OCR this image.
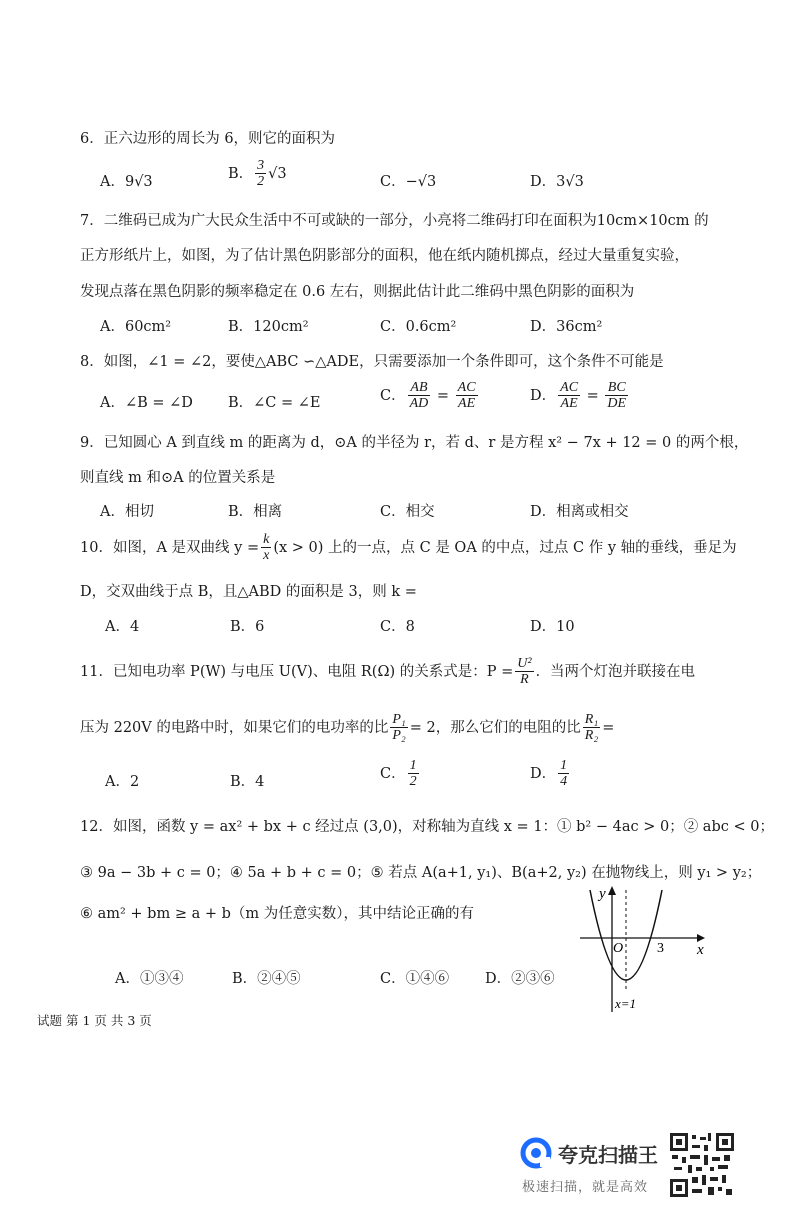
6．正六边形的周长为 6，则它的面积为
A．9√3
B． $\frac{3}{2} √3$
C．−√3	D．3√3
7．二维码已成为广大民众生活中不可或缺的一部分，小亮将二维码打印在面积为10cm×10cm 的
正方形纸片上，如图，为了估计黑色阴影部分的面积，他在纸内随机掷点，经过大量重复实验，
发现点落在黑色阴影的频率稳定在 0.6 左右，则据此估计此二维码中黑色阴影的面积为
A．60cm²	B．120cm²	C．0.6cm²	D．36cm²
8．如图，∠1 = ∠2，要使△ABC ∽△ADE，只需要添加一个条件即可，这个条件不可能是
A．∠B = ∠D B．∠C = ∠E	C． $\frac{AB}{AD} = \frac{AC}{AE}$	D． $\frac{AC}{AE} = \frac{BC}{DE}$
9．已知圆心 A 到直线 m 的距离为 d，⊙A 的半径为 r，若 d、r 是方程 x² − 7x + 12 = 0 的两个根，
则直线 m 和⊙A 的位置关系是
A．相切	B．相离	C．相交	D．相离或相交
10．如图，A 是双曲线 $y = \frac{k}{x} (x > 0)$ 上的一点，点 C 是 OA 的中点，过点 C 作 y 轴的垂线，垂足为
D，交双曲线于点 B，且△ABD 的面积是 3，则 k =
A．4	B．6	C．8	D．10
11．已知电功率 P(W) 与电压 U(V)、电阻 R(Ω) 的关系式是：$P = \frac{\text{U²}}{R}$ ．当两个灯泡并联接在电
压为 220V 的电路中时，如果它们的电功率的比 $\frac{\text{P₁}}{\text{P₂}} = 2$，那么它们的电阻的比 $\frac{\text{R₁}}{\text{R₂}}$ =
A．2	B．4
C． $\frac{1}{2}$	D． $\frac{1}{4}$
12．如图，函数 y = ax² + bx + c 经过点 (3,0)，对称轴为直线 x = 1：① b² − 4ac > 0；② abc < 0；
③ 9a − 3b + c = 0；④ 5a + b + c = 0；⑤ 若点 A(a+1, y₁)、B(a+2, y₂) 在抛物线上，则 y₁ > y₂；
⑥ am² + bm ≥ a + b（m 为任意实数），其中结论正确的有
A．①③④	B．②④⑤	C．①④⑥ D．②③⑥
x
y
O 3
x=1
试题 第 1 页 共 3 页
夸克扫描王
极速扫描，就是高效
